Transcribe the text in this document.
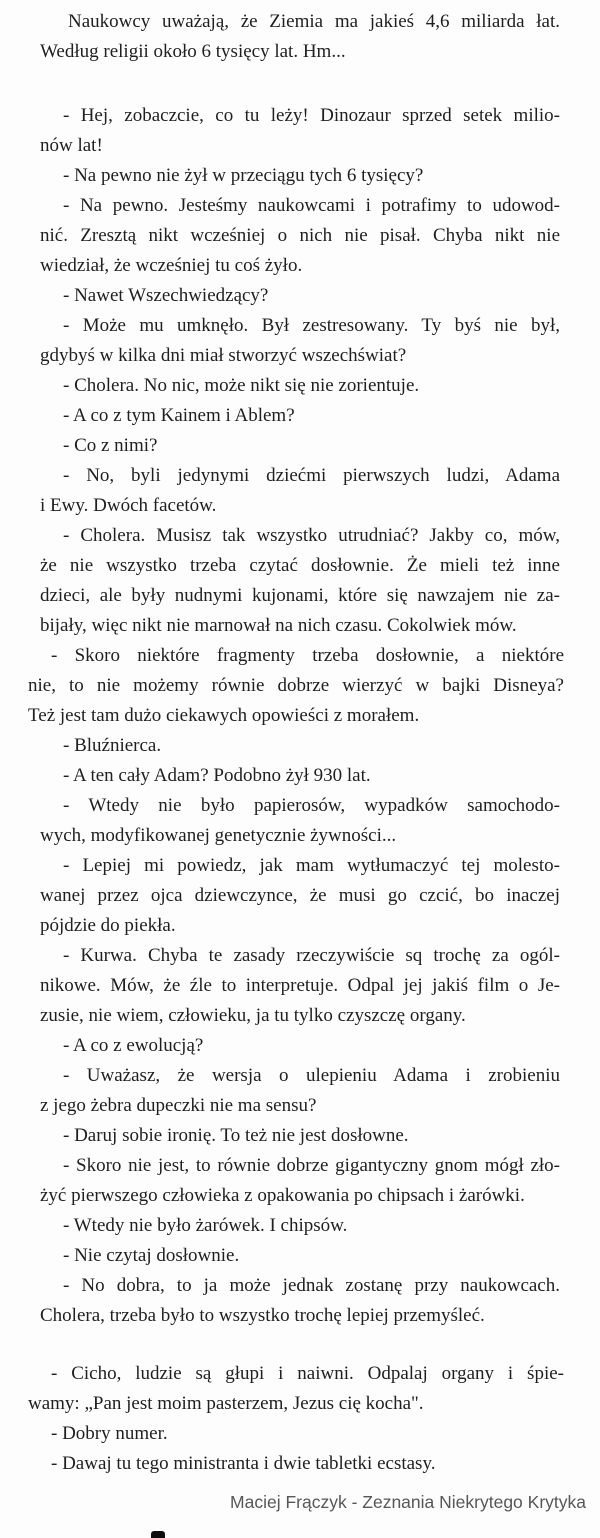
Naukowcy uważają, że Ziemia ma jakieś 4,6 miliarda łat.
Według religii około 6 tysięcy lat. Hm...
- Hej, zobaczcie, co tu leży! Dinozaur sprzed setek milio-
nów lat!
- Na pewno nie żył w przeciągu tych 6 tysięcy?
- Na pewno. Jesteśmy naukowcami i potrafimy to udowod-
nić. Zresztą nikt wcześniej o nich nie pisał. Chyba nikt nie
wiedział, że wcześniej tu coś żyło.
- Nawet Wszechwiedzący?
- Może mu umknęło. Był zestresowany. Ty byś nie był,
gdybyś w kilka dni miał stworzyć wszechświat?
- Cholera. No nic, może nikt się nie zorientuje.
- A co z tym Kainem i Ablem?
- Co z nimi?
- No, byli jedynymi dziećmi pierwszych ludzi, Adama
i Ewy. Dwóch facetów.
- Cholera. Musisz tak wszystko utrudniać? Jakby co, mów,
że nie wszystko trzeba czytać dosłownie. Że mieli też inne
dzieci, ale były nudnymi kujonami, które się nawzajem nie za-
bijały, więc nikt nie marnował na nich czasu. Cokolwiek mów.
- Skoro niektóre fragmenty trzeba dosłownie, a niektóre
nie, to nie możemy równie dobrze wierzyć w bajki Disneya?
Też jest tam dużo ciekawych opowieści z morałem.
- Bluźnierca.
- A ten cały Adam? Podobno żył 930 lat.
- Wtedy nie było papierosów, wypadków samochodo-
wych, modyfikowanej genetycznie żywności...
- Lepiej mi powiedz, jak mam wytłumaczyć tej molesto-
wanej przez ojca dziewczynce, że musi go czcić, bo inaczej
pójdzie do piekła.
- Kurwa. Chyba te zasady rzeczywiście sq trochę za ogól-
nikowe. Mów, że źle to interpretuje. Odpal jej jakiś film o Je-
zusie, nie wiem, człowieku, ja tu tylko czyszczę organy.
- A co z ewolucją?
- Uważasz, że wersja o ulepieniu Adama i zrobieniu
z jego żebra dupeczki nie ma sensu?
- Daruj sobie ironię. To też nie jest dosłowne.
- Skoro nie jest, to równie dobrze gigantyczny gnom mógł zło-
żyć pierwszego człowieka z opakowania po chipsach i żarówki.
- Wtedy nie było żarówek. I chipsów.
- Nie czytaj dosłownie.
- No dobra, to ja może jednak zostanę przy naukowcach.
Cholera, trzeba było to wszystko trochę lepiej przemyśleć.
- Cicho, ludzie są głupi i naiwni. Odpalaj organy i śpie-
wamy: „Pan jest moim pasterzem, Jezus cię kocha".
- Dobry numer.
- Dawaj tu tego ministranta i dwie tabletki ecstasy.
Maciej Frączyk - Zeznania Niekrytego Krytyka
